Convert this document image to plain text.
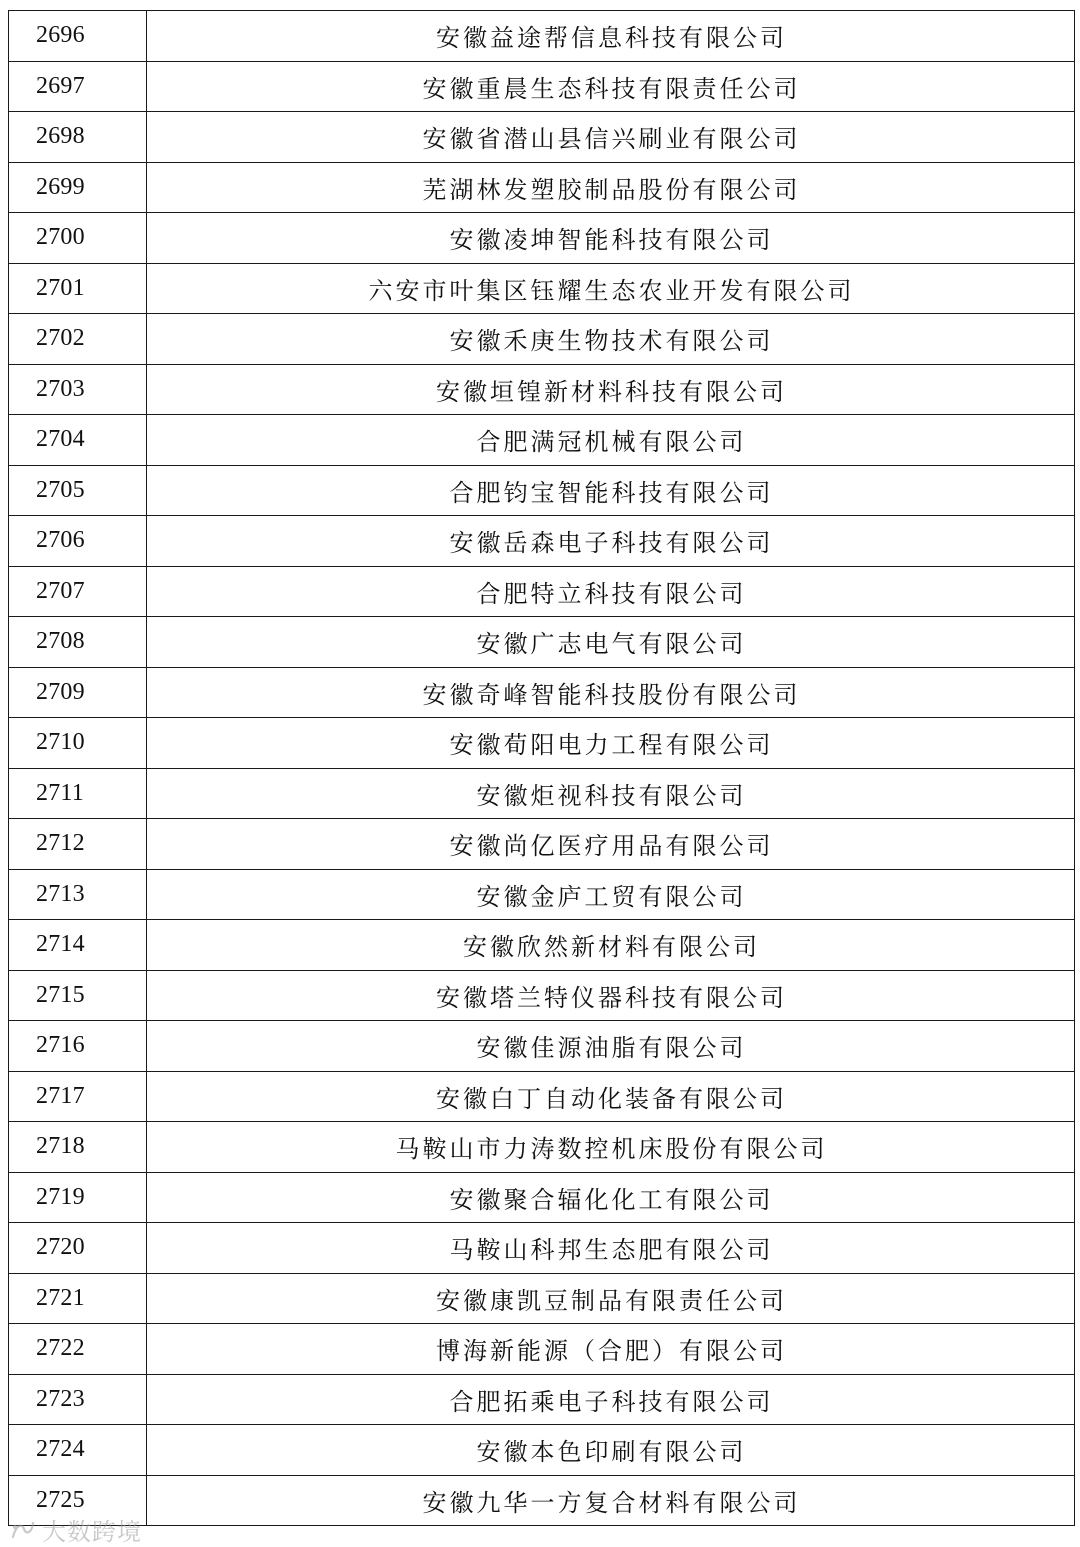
2696	安徽益途帮信息科技有限公司
2697	安徽重晨生态科技有限责任公司
2698	安徽省潜山县信兴刷业有限公司
2699	芜湖林发塑胶制品股份有限公司
2700	安徽凌坤智能科技有限公司
2701	六安市叶集区钰耀生态农业开发有限公司
2702	安徽禾庚生物技术有限公司
2703	安徽垣锽新材料科技有限公司
2704	合肥满冠机械有限公司
2705	合肥钧宝智能科技有限公司
2706	安徽岳森电子科技有限公司
2707	合肥特立科技有限公司
2708	安徽广志电气有限公司
2709	安徽奇峰智能科技股份有限公司
2710	安徽荀阳电力工程有限公司
2711	安徽炬视科技有限公司
2712	安徽尚亿医疗用品有限公司
2713	安徽金庐工贸有限公司
2714	安徽欣然新材料有限公司
2715	安徽塔兰特仪器科技有限公司
2716	安徽佳源油脂有限公司
2717	安徽白丁自动化装备有限公司
2718	马鞍山市力涛数控机床股份有限公司
2719	安徽聚合辐化化工有限公司
2720	马鞍山科邦生态肥有限公司
2721	安徽康凯豆制品有限责任公司
2722	博海新能源（合肥）有限公司
2723	合肥拓乘电子科技有限公司
2724	安徽本色印刷有限公司
2725	安徽九华一方复合材料有限公司
大数跨境
